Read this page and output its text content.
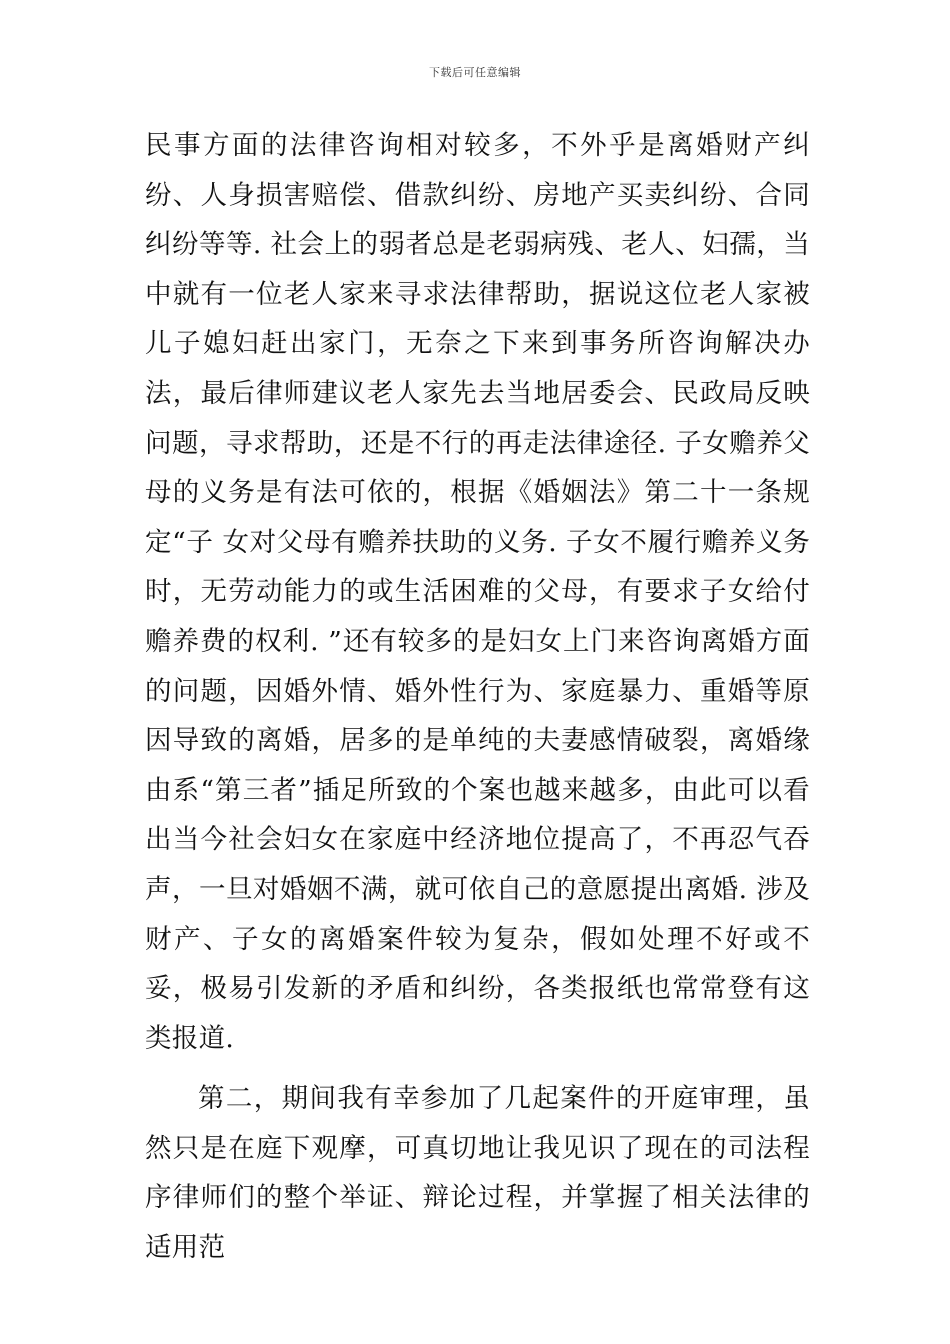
下载后可任意编辑

民事方面的法律咨询相对较多，不外乎是离婚财产纠纷、人身损害赔偿、借款纠纷、房地产买卖纠纷、合同纠纷等等. 社会上的弱者总是老弱病残、老人、妇孺，当中就有一位老人家来寻求法律帮助，据说这位老人家被儿子媳妇赶出家门，无奈之下来到事务所咨询解决办法，最后律师建议老人家先去当地居委会、民政局反映问题，寻求帮助，还是不行的再走法律途径. 子女赡养父母的义务是有法可依的，根据《婚姻法》第二十一条规定“子 女对父母有赡养扶助的义务. 子女不履行赡养义务时，无劳动能力的或生活困难的父母，有要求子女给付赡养费的权利. ”还有较多的是妇女上门来咨询离婚方面的问题，因婚外情、婚外性行为、家庭暴力、重婚等原因导致的离婚，居多的是单纯的夫妻感情破裂，离婚缘由系“第三者”插足所致的个案也越来越多，由此可以看出当今社会妇女在家庭中经济地位提高了，不再忍气吞声，一旦对婚姻不满，就可依自己的意愿提出离婚. 涉及财产、子女的离婚案件较为复杂，假如处理不好或不妥，极易引发新的矛盾和纠纷，各类报纸也常常登有这类报道.

第二，期间我有幸参加了几起案件的开庭审理，虽然只是在庭下观摩，可真切地让我见识了现在的司法程序律师们的整个举证、辩论过程，并掌握了相关法律的适用范
